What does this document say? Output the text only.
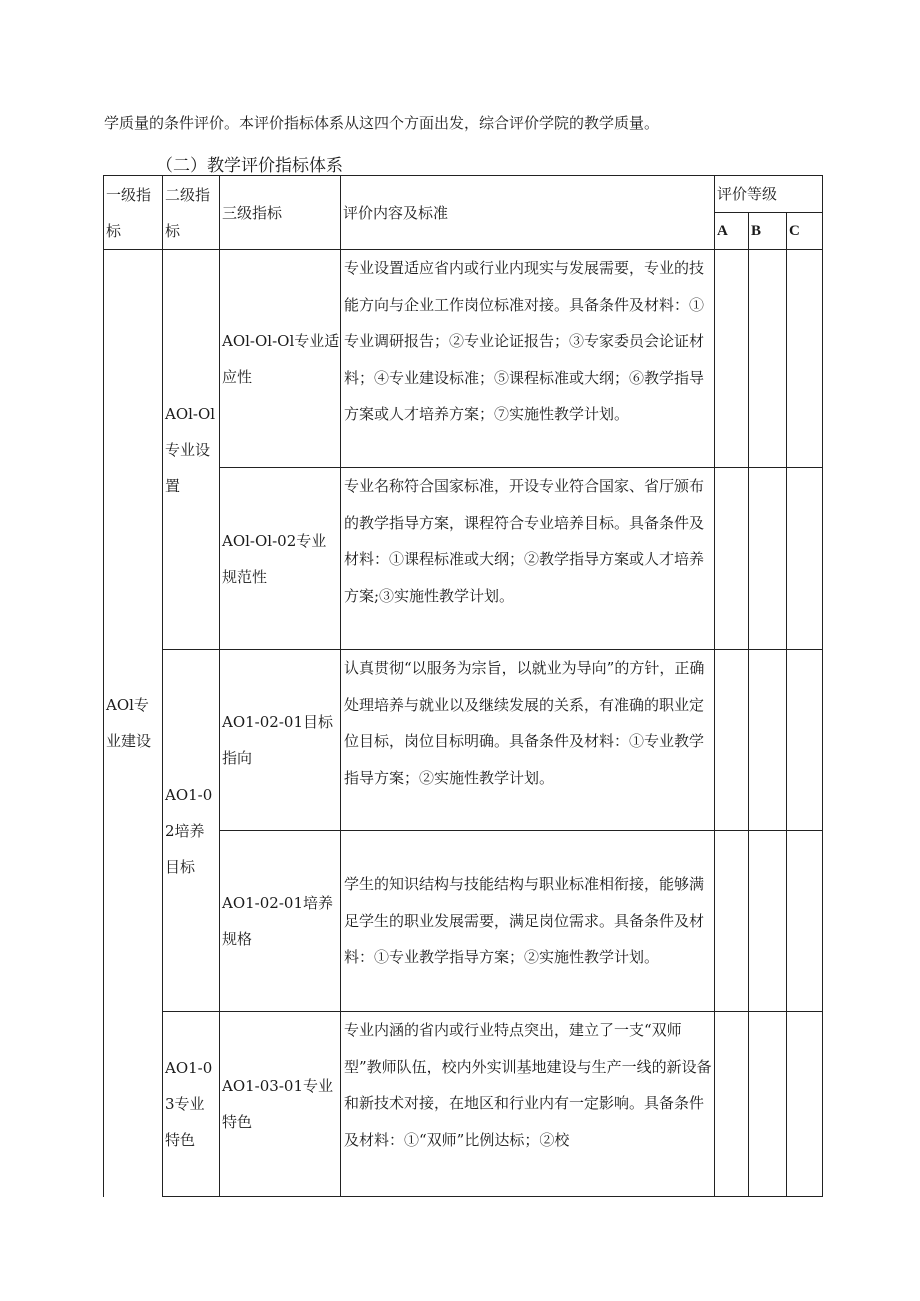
学质量的条件评价。本评价指标体系从这四个方面出发，综合评价学院的教学质量。
（二）教学评价指标体系
一级指标	二级指标	三级指标	评价内容及标准	评价等级		
				A	B	C
AOl专业建设	AOl-Ol专业设置	AOl-Ol-Ol专业适应性	专业设置适应省内或行业内现实与发展需要，专业的技能方向与企业工作岗位标准对接。具备条件及材料：①专业调研报告；②专业论证报告；③专家委员会论证材料；④专业建设标准；⑤课程标准或大纲；⑥教学指导方案或人才培养方案；⑦实施性教学计划。			
		AOl-Ol-02专业规范性	专业名称符合国家标准，开设专业符合国家、省厅颁布的教学指导方案，课程符合专业培养目标。具备条件及材料：①课程标准或大纲；②教学指导方案或人才培养方案;③实施性教学计划。			
	AO1-02培养目标	AO1-02-01目标指向	认真贯彻“以服务为宗旨，以就业为导向”的方针，正确处理培养与就业以及继续发展的关系，有准确的职业定位目标，岗位目标明确。具备条件及材料：①专业教学指导方案；②实施性教学计划。			
		AO1-02-01培养规格	学生的知识结构与技能结构与职业标准相衔接，能够满足学生的职业发展需要，满足岗位需求。具备条件及材料：①专业教学指导方案；②实施性教学计划。			
	AO1-03专业特色	AO1-03-01专业特色	专业内涵的省内或行业特点突出，建立了一支“双师型”教师队伍，校内外实训基地建设与生产一线的新设备和新技术对接，在地区和行业内有一定影响。具备条件及材料：①“双师”比例达标；②校			
